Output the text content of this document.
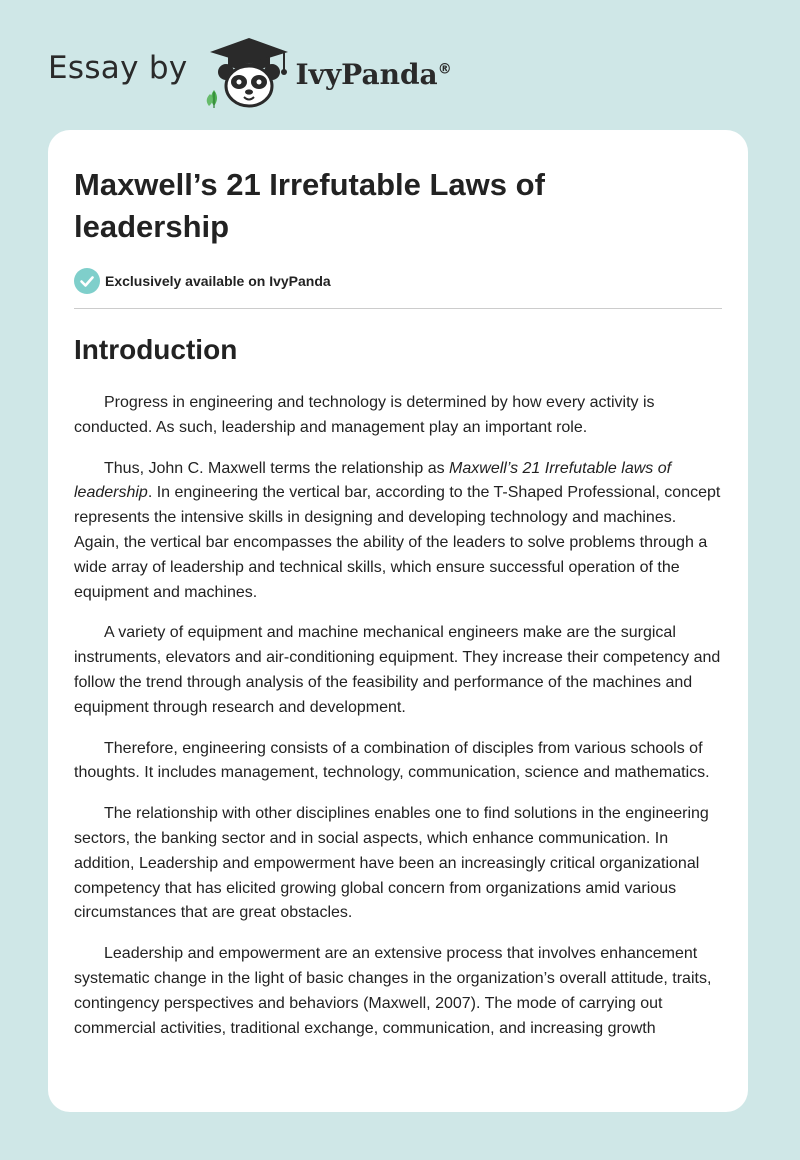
Essay by	IvyPanda®
Maxwell’s 21 Irrefutable Laws of leadership
Exclusively available on IvyPanda
Introduction

Progress in engineering and technology is determined by how every activity is conducted. As such, leadership and management play an important role.

Thus, John C. Maxwell terms the relationship as Maxwell’s 21 Irrefutable laws of leadership. In engineering the vertical bar, according to the T-Shaped Professional, concept represents the intensive skills in designing and developing technology and machines. Again, the vertical bar encompasses the ability of the leaders to solve problems through a wide array of leadership and technical skills, which ensure successful operation of the equipment and machines.

A variety of equipment and machine mechanical engineers make are the surgical instruments, elevators and air-conditioning equipment. They increase their competency and follow the trend through analysis of the feasibility and performance of the machines and equipment through research and development.

Therefore, engineering consists of a combination of disciples from various schools of thoughts. It includes management, technology, communication, science and mathematics.

The relationship with other disciplines enables one to find solutions in the engineering sectors, the banking sector and in social aspects, which enhance communication. In addition, Leadership and empowerment have been an increasingly critical organizational competency that has elicited growing global concern from organizations amid various circumstances that are great obstacles.

Leadership and empowerment are an extensive process that involves enhancement systematic change in the light of basic changes in the organization’s overall attitude, traits, contingency perspectives and behaviors (Maxwell, 2007). The mode of carrying out commercial activities, traditional exchange, communication, and increasing growth
